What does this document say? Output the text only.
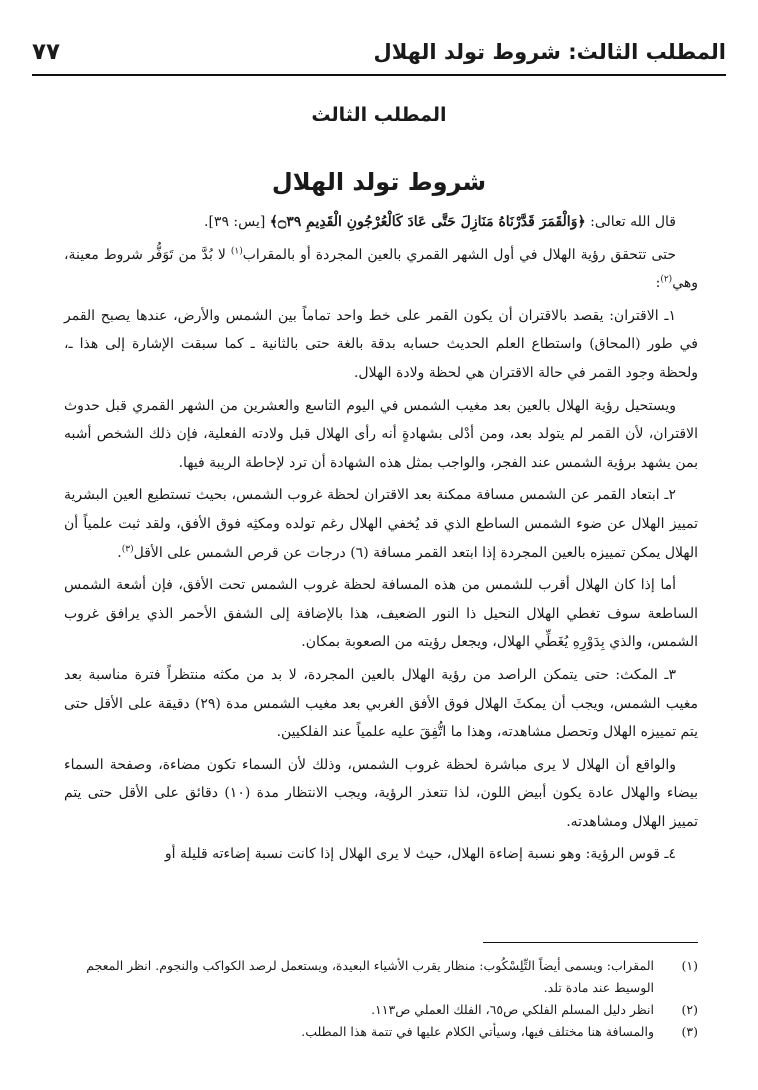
المطلب الثالث: شروط تولد الهلال
٧٧
المطلب الثالث
شروط تولد الهلال

قال الله تعالى: ﴿وَالْقَمَرَ قَدَّرْنَاهُ مَنَازِلَ حَتَّى عَادَ كَالْعُرْجُونِ الْقَدِيمِ ۝٣٩﴾ [يس: ٣٩].

حتى تتحقق رؤية الهلال في أول الشهر القمري بالعين المجردة أو بالمقراب$^{(١)}$ لا بُدَّ من تَوَفُّر شروط معينة، وهي$^{(٢)}$:

١ـ الاقتران: يقصد بالاقتران أن يكون القمر على خط واحد تماماً بين الشمس والأرض، عندها يصبح القمر في طور (المحاق) واستطاع العلم الحديث حسابه بدقة بالغة حتى بالثانية ـ كما سبقت الإشارة إلى هذا ـ، ولحظة وجود القمر في حالة الاقتران هي لحظة ولادة الهلال.

ويستحيل رؤية الهلال بالعين بعد مغيب الشمس في اليوم التاسع والعشرين من الشهر القمري قبل حدوث الاقتران، لأن القمر لم يتولد بعد، ومن أدْلى بشهادةٍ أنه رأى الهلال قبل ولادته الفعلية، فإن ذلك الشخص أشبه بمن يشهد برؤية الشمس عند الفجر، والواجب بمثل هذه الشهادة أن ترد لإحاطة الريبة فيها.

٢ـ ابتعاد القمر عن الشمس مسافة ممكنة بعد الاقتران لحظة غروب الشمس، بحيث تستطيع العين البشرية تمييز الهلال عن ضوء الشمس الساطع الذي قد يُخفي الهلال رغم تولده ومكثِه فوق الأفق، ولقد ثبت علمياً أن الهلال يمكن تمييزه بالعين المجردة إذا ابتعد القمر مسافة (٦) درجات عن قرص الشمس على الأقل$^{(٣)}$.

أما إذا كان الهلال أقرب للشمس من هذه المسافة لحظة غروب الشمس تحت الأفق، فإن أشعة الشمس الساطعة سوف تغطي الهلال النحيل ذا النور الضعيف، هذا بالإضافة إلى الشفق الأحمر الذي يرافق غروب الشمس، والذي بِدَوْرِهِ يُغَطِّي الهلال، ويجعل رؤيته من الصعوبة بمكان.

٣ـ المكث: حتى يتمكن الراصد من رؤية الهلال بالعين المجردة، لا بد من مكثه منتظراً فترة مناسبة بعد مغيب الشمس، ويجب أن يمكثَ الهلال فوق الأفق الغربي بعد مغيب الشمس مدة (٢٩) دقيقة على الأقل حتى يتم تمييزه الهلال وتحصل مشاهدته، وهذا ما اتُّفِقَ عليه علمياً عند الفلكيين.

والواقع أن الهلال لا يرى مباشرة لحظة غروب الشمس، وذلك لأن السماء تكون مضاءة، وصفحة السماء بيضاء والهلال عادة يكون أبيض اللون، لذا تتعذر الرؤية، ويجب الانتظار مدة (١٠) دقائق على الأقل حتى يتم تمييز الهلال ومشاهدته.

٤ـ قوس الرؤية: وهو نسبة إضاءة الهلال، حيث لا يرى الهلال إذا كانت نسبة إضاءته قليلة أو

(١)
المقراب: ويسمى أيضاً التِّلِسْكُوب: منظار يقرب الأشياء البعيدة، ويستعمل لرصد الكواكب والنجوم. انظر المعجم الوسيط عند مادة تلد.
(٢)
انظر دليل المسلم الفلكي ص٦٥، الفلك العملي ص١١٣.
(٣)
والمسافة هنا مختلف فيها، وسيأتي الكلام عليها في تتمة هذا المطلب.
